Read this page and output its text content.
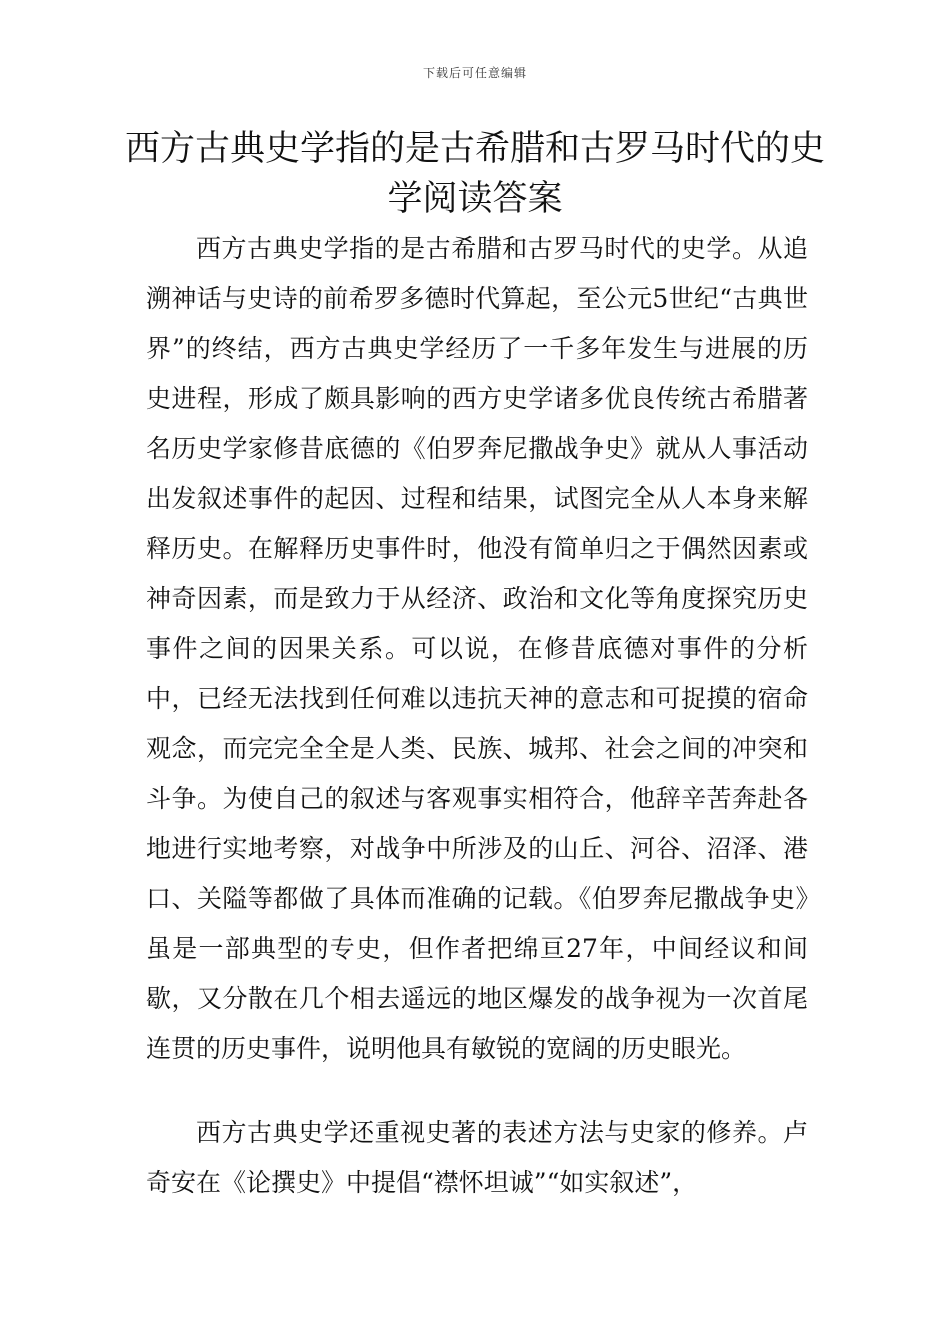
下载后可任意编辑
西方古典史学指的是古希腊和古罗马时代的史学阅读答案

西方古典史学指的是古希腊和古罗马时代的史学。从追溯神话与史诗的前希罗多德时代算起，至公元5世纪“古典世界”的终结，西方古典史学经历了一千多年发生与进展的历史进程，形成了颇具影响的西方史学诸多优良传统古希腊著名历史学家修昔底德的《伯罗奔尼撒战争史》就从人事活动出发叙述事件的起因、过程和结果，试图完全从人本身来解释历史。在解释历史事件时，他没有简单归之于偶然因素或神奇因素，而是致力于从经济、政治和文化等角度探究历史事件之间的因果关系。可以说，在修昔底德对事件的分析中，已经无法找到任何难以违抗天神的意志和可捉摸的宿命观念，而完完全全是人类、民族、城邦、社会之间的冲突和斗争。为使自己的叙述与客观事实相符合，他辞辛苦奔赴各地进行实地考察，对战争中所涉及的山丘、河谷、沼泽、港口、关隘等都做了具体而准确的记载。《伯罗奔尼撒战争史》虽是一部典型的专史，但作者把绵亘27年，中间经议和间歇，又分散在几个相去遥远的地区爆发的战争视为一次首尾连贯的历史事件，说明他具有敏锐的宽阔的历史眼光。

西方古典史学还重视史著的表述方法与史家的修养。卢奇安在《论撰史》中提倡“襟怀坦诚”“如实叙述”，
